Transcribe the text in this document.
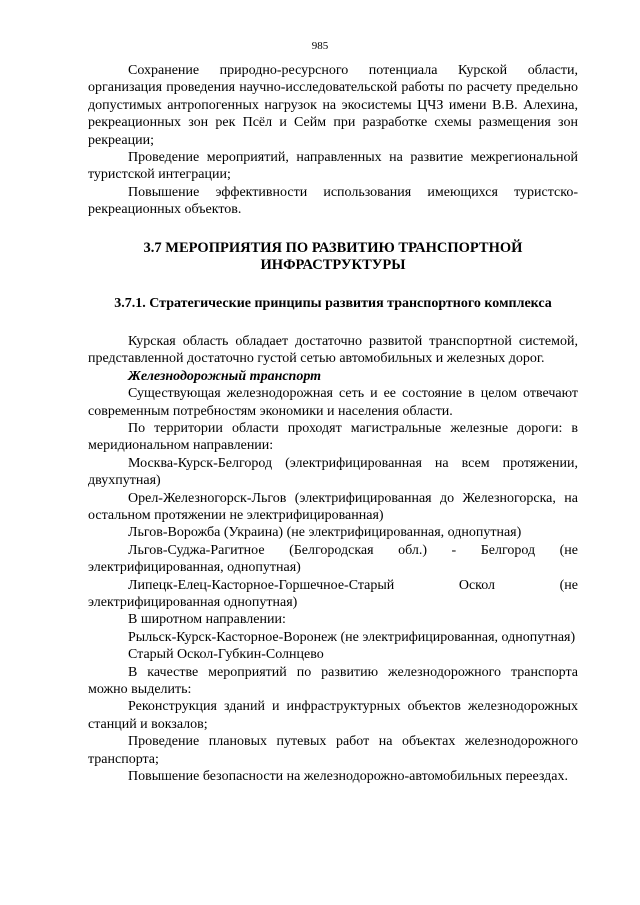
985

Сохранение природно-ресурсного потенциала Курской области, организация проведения научно-исследовательской работы по расчету предельно допустимых антропогенных нагрузок на экосистемы ЦЧЗ имени В.В. Алехина, рекреационных зон рек Псёл и Сейм при разработке схемы размещения зон рекреации;

Проведение мероприятий, направленных на развитие межрегиональной туристской интеграции;

Повышение эффективности использования имеющихся туристско-рекреационных объектов.

3.7 МЕРОПРИЯТИЯ ПО РАЗВИТИЮ ТРАНСПОРТНОЙ
ИНФРАСТРУКТУРЫ
3.7.1. Стратегические принципы развития транспортного комплекса

Курская область обладает достаточно развитой транспортной системой, представленной достаточно густой сетью автомобильных и железных дорог.

Железнодорожный транспорт

Существующая железнодорожная сеть и ее состояние в целом отвечают современным потребностям экономики и населения области.

По территории области проходят магистральные железные дороги: в меридиональном направлении:

Москва-Курск-Белгород (электрифицированная на всем протяжении, двухпутная)

Орел-Железногорск-Льгов (электрифицированная до Железногорска, на остальном протяжении не электрифицированная)

Льгов-Ворожба (Украина) (не электрифицированная, однопутная)

Льгов-Суджа-Рагитное (Белгородская обл.) - Белгород (не электрифицированная, однопутная)

Липецк-Елец-Касторное-Горшечное-Старый Оскол (не электрифицированная однопутная)

В широтном направлении:

Рыльск-Курск-Касторное-Воронеж (не электрифицированная, однопутная)

Старый Оскол-Губкин-Солнцево

В качестве мероприятий по развитию железнодорожного транспорта можно выделить:

Реконструкция зданий и инфраструктурных объектов железнодорожных станций и вокзалов;

Проведение плановых путевых работ на объектах железнодорожного транспорта;

Повышение безопасности на железнодорожно-автомобильных переездах.
